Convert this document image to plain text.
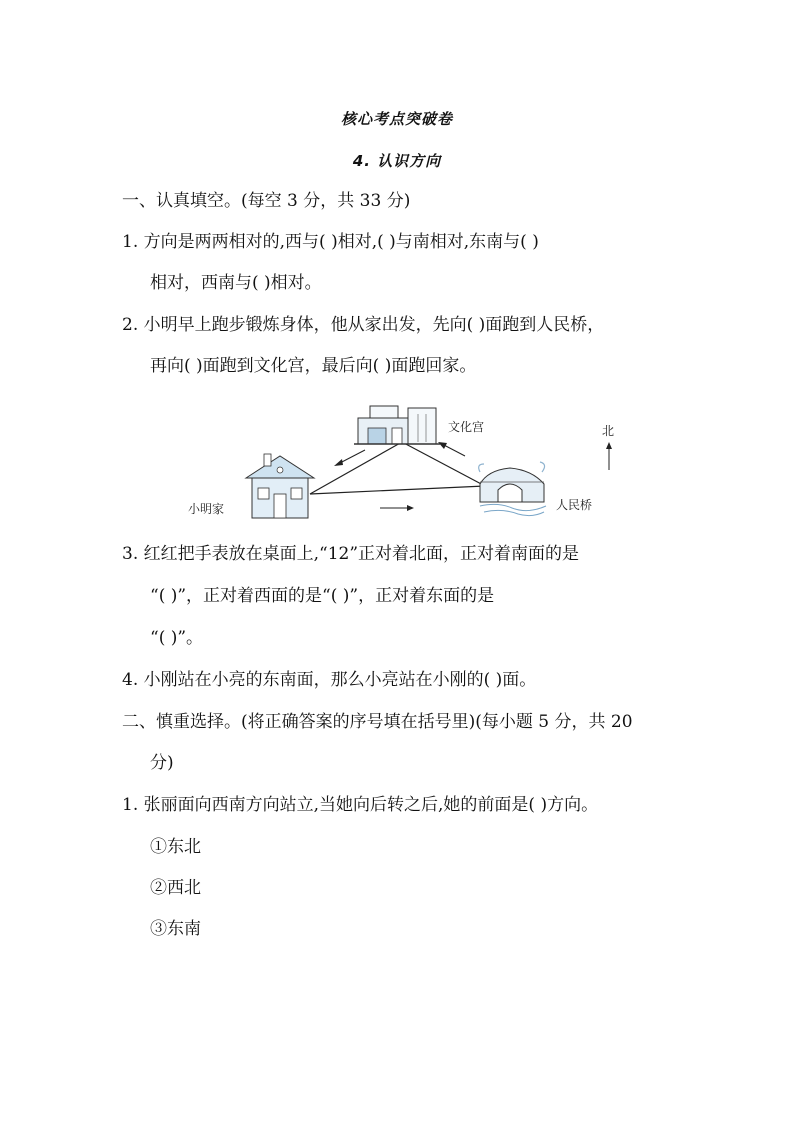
核心考点突破卷
4. 认识方向
一、认真填空。(每空 3 分，共 33 分)
1. 方向是两两相对的,西与( )相对,( )与南相对,东南与( )
相对，西南与( )相对。
2. 小明早上跑步锻炼身体，他从家出发，先向( )面跑到人民桥，
再向( )面跑到文化宫，最后向( )面跑回家。
文化宫
小明家	人民桥
北
3. 红红把手表放在桌面上,“12”正对着北面，正对着南面的是
“( )”，正对着西面的是“( )”，正对着东面的是
“( )”。
4. 小刚站在小亮的东南面，那么小亮站在小刚的( )面。
二、慎重选择。(将正确答案的序号填在括号里)(每小题 5 分，共 20
分)
1. 张丽面向西南方向站立,当她向后转之后,她的前面是( )方向。
①东北
②西北
③东南
